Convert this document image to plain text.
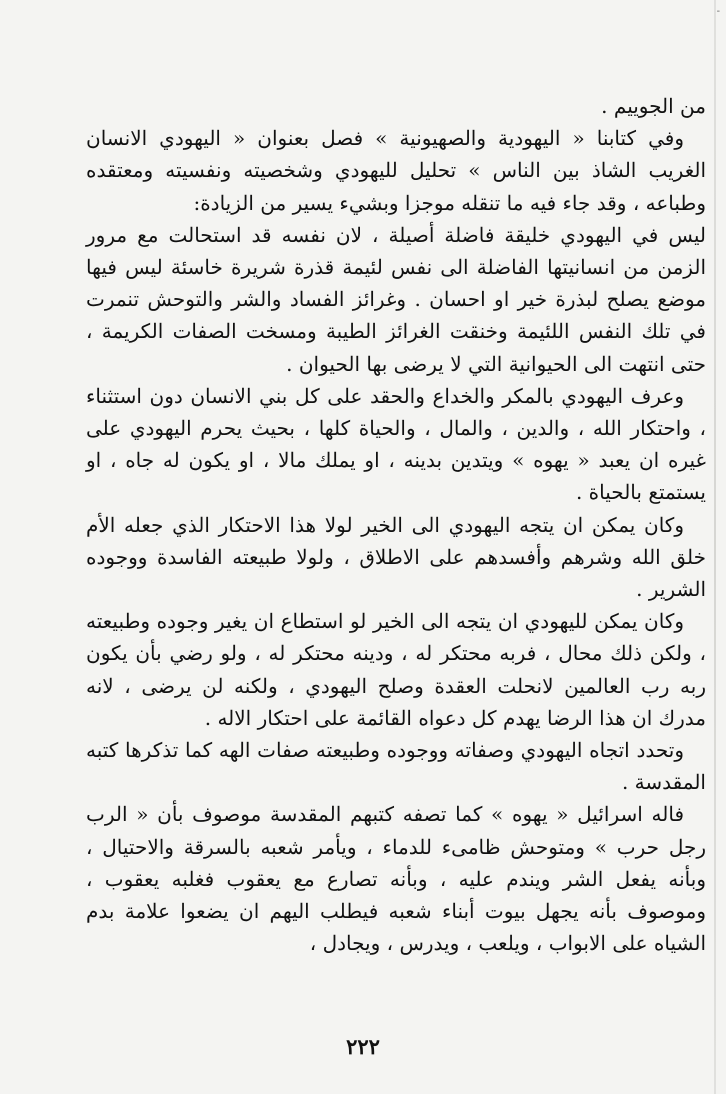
-

من الجوييم .

وفي كتابنا « اليهودية والصهيونية » فصل بعنوان « اليهودي الانسان الغريب الشاذ بين الناس » تحليل لليهودي وشخصيته ونفسيته ومعتقده وطباعه ، وقد جاء فيه ما تنقله موجزا وبشيء يسير من الزيادة:

ليس في اليهودي خليقة فاضلة أصيلة ، لان نفسه قد استحالت مع مرور الزمن من انسانيتها الفاضلة الى نفس لئيمة قذرة شريرة خاسئة ليس فيها موضع يصلح لبذرة خير او احسان . وغرائز الفساد والشر والتوحش تنمرت في تلك النفس اللئيمة وخنقت الغرائز الطيبة ومسخت الصفات الكريمة ، حتى انتهت الى الحيوانية التي لا يرضى بها الحيوان .

وعرف اليهودي بالمكر والخداع والحقد على كل بني الانسان دون استثناء ، واحتكار الله ، والدين ، والمال ، والحياة كلها ، بحيث يحرم اليهودي على غيره ان يعبد « يهوه » ويتدين بدينه ، او يملك مالا ، او يكون له جاه ، او يستمتع بالحياة .

وكان يمكن ان يتجه اليهودي الى الخير لولا هذا الاحتكار الذي جعله الأم خلق الله وشرهم وأفسدهم على الاطلاق ، ولولا طبيعته الفاسدة ووجوده الشرير .

وكان يمكن لليهودي ان يتجه الى الخير لو استطاع ان يغير وجوده وطبيعته ، ولكن ذلك محال ، فربه محتكر له ، ودينه محتكر له ، ولو رضي بأن يكون ربه رب العالمين لانحلت العقدة وصلح اليهودي ، ولكنه لن يرضى ، لانه مدرك ان هذا الرضا يهدم كل دعواه القائمة على احتكار الاله .

وتحدد اتجاه اليهودي وصفاته ووجوده وطبيعته صفات الهه كما تذكرها كتبه المقدسة .

فاله اسرائيل « يهوه » كما تصفه كتبهم المقدسة موصوف بأن « الرب رجل حرب » ومتوحش ظامىء للدماء ، ويأمر شعبه بالسرقة والاحتيال ، وبأنه يفعل الشر ويندم عليه ، وبأنه تصارع مع يعقوب فغلبه يعقوب ، وموصوف بأنه يجهل بيوت أبناء شعبه فيطلب اليهم ان يضعوا علامة بدم الشياه على الابواب ، ويلعب ، ويدرس ، ويجادل ،

٢٢٢
